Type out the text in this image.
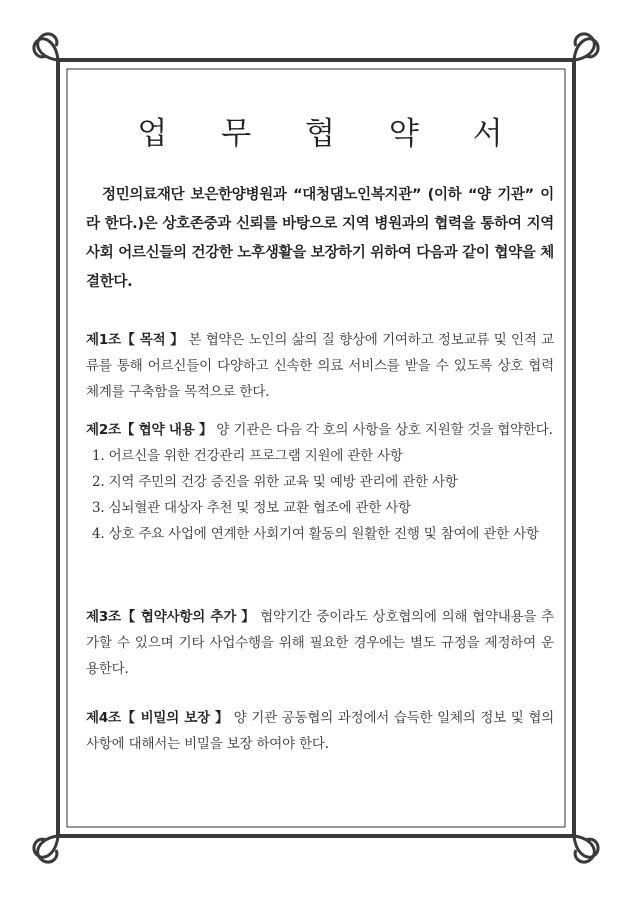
업 무 협 약 서
정민의료재단 보은한양병원과 “대청댐노인복지관” (이하 “양 기관” 이라 한다.)은 상호존중과 신뢰를 바탕으로 지역 병원과의 협력을 통하여 지역사회 어르신들의 건강한 노후생활을 보장하기 위하여 다음과 같이 협약을 체결한다.
제1조【 목적 】 본 협약은 노인의 삶의 질 향상에 기여하고 정보교류 및 인적 교류를 통해 어르신들이 다양하고 신속한 의료 서비스를 받을 수 있도록 상호 협력체계를 구축함을 목적으로 한다.
제2조【 협약 내용 】 양 기관은 다음 각 호의 사항을 상호 지원할 것을 협약한다.
1. 어르신을 위한 건강관리 프로그램 지원에 관한 사항
2. 지역 주민의 건강 증진을 위한 교육 및 예방 관리에 관한 사항
3. 심뇌혈관 대상자 추천 및 정보 교환 협조에 관한 사항
4. 상호 주요 사업에 연계한 사회기여 활동의 원활한 진행 및 참여에 관한 사항
제3조【 협약사항의 추가 】 협약기간 중이라도 상호협의에 의해 협약내용을 추가할 수 있으며 기타 사업수행을 위해 필요한 경우에는 별도 규정을 제정하여 운용한다.
제4조【 비밀의 보장 】 양 기관 공동협의 과정에서 습득한 일체의 정보 및 협의 사항에 대해서는 비밀을 보장 하여야 한다.
